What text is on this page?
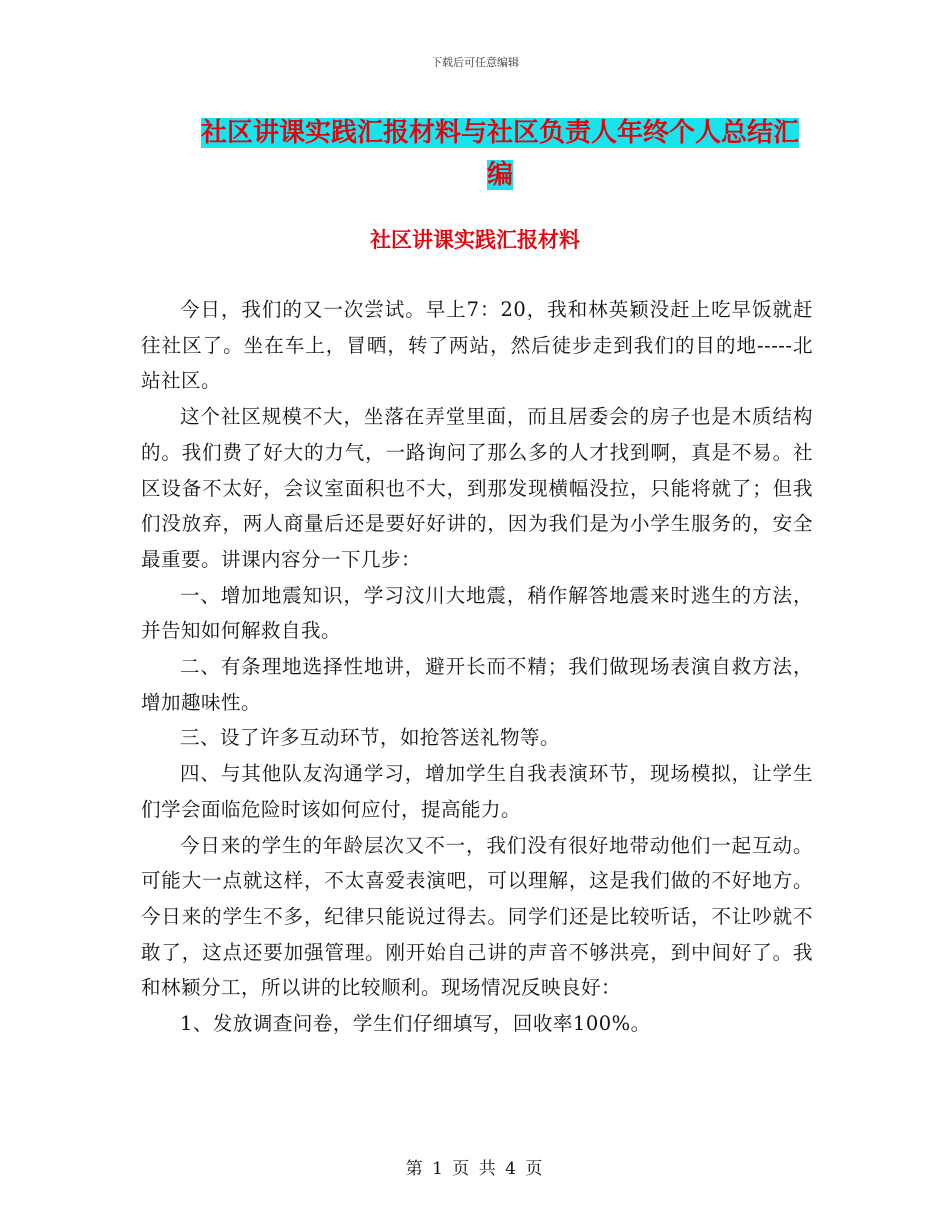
下载后可任意编辑
社区讲课实践汇报材料与社区负责人年终个人总结汇编
社区讲课实践汇报材料

今日，我们的又一次尝试。早上7：20，我和林英颖没赶上吃早饭就赶往社区了。坐在车上，冒晒，转了两站，然后徒步走到我们的目的地-----北站社区。

这个社区规模不大，坐落在弄堂里面，而且居委会的房子也是木质结构的。我们费了好大的力气，一路询问了那么多的人才找到啊，真是不易。社区设备不太好，会议室面积也不大，到那发现横幅没拉，只能将就了；但我们没放弃，两人商量后还是要好好讲的，因为我们是为小学生服务的，安全最重要。讲课内容分一下几步：

一、增加地震知识，学习汶川大地震，稍作解答地震来时逃生的方法，并告知如何解救自我。

二、有条理地选择性地讲，避开长而不精；我们做现场表演自救方法，增加趣味性。

三、设了许多互动环节，如抢答送礼物等。

四、与其他队友沟通学习，增加学生自我表演环节，现场模拟，让学生们学会面临危险时该如何应付，提高能力。

今日来的学生的年龄层次又不一，我们没有很好地带动他们一起互动。可能大一点就这样，不太喜爱表演吧，可以理解，这是我们做的不好地方。今日来的学生不多，纪律只能说过得去。同学们还是比较听话，不让吵就不敢了，这点还要加强管理。刚开始自己讲的声音不够洪亮，到中间好了。我和林颖分工，所以讲的比较顺利。现场情况反映良好：

1、发放调查问卷，学生们仔细填写，回收率100%。

第 1 页 共 4 页
